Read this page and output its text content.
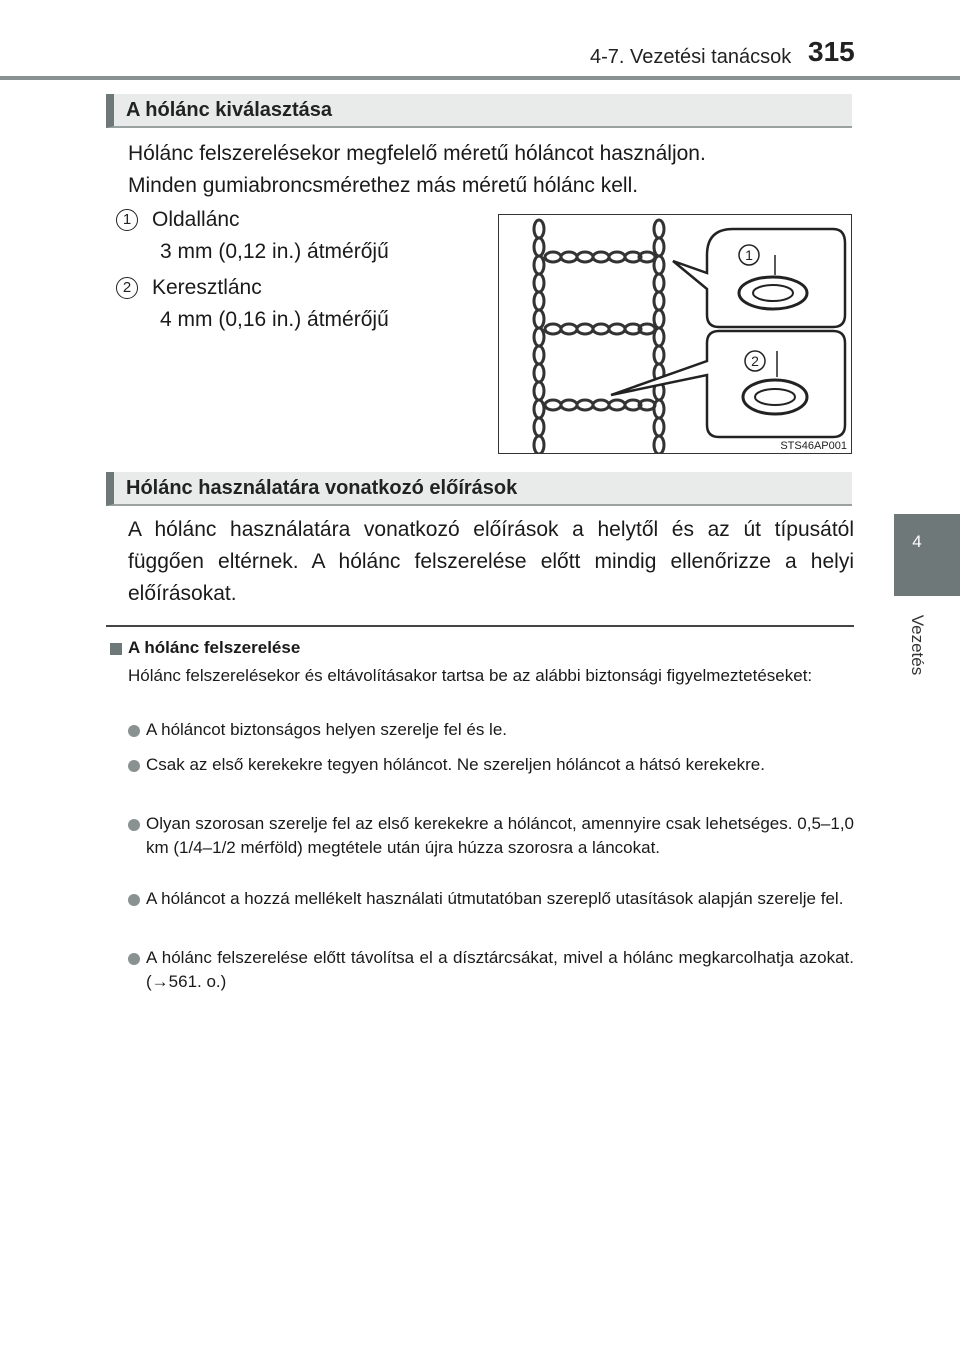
4-7. Vezetési tanácsok 315
4
Vezetés
A hólánc kiválasztása
Hólánc felszerelésekor megfelelő méretű hóláncot használjon.
Minden gumiabroncsmérethez más méretű hólánc kell.
1 Oldallánc
3 mm (0,12 in.) átmérőjű
2 Keresztlánc
4 mm (0,16 in.) átmérőjű
1
2
STS46AP001
Hólánc használatára vonatkozó előírások
A hólánc használatára vonatkozó előírások a helytől és az út típusától függően eltérnek. A hólánc felszerelése előtt mindig ellenőrizze a helyi előírásokat.
A hólánc felszerelése
Hólánc felszerelésekor és eltávolításakor tartsa be az alábbi biztonsági figyelmeztetéseket:
A hóláncot biztonságos helyen szerelje fel és le.
Csak az első kerekekre tegyen hóláncot. Ne szereljen hóláncot a hátsó kerekekre.
Olyan szorosan szerelje fel az első kerekekre a hóláncot, amennyire csak lehetséges. 0,5–1,0 km (1/4–1/2 mérföld) megtétele után újra húzza szorosra a láncokat.
A hóláncot a hozzá mellékelt használati útmutatóban szereplő utasítások alapján szerelje fel.
A hólánc felszerelése előtt távolítsa el a dísztárcsákat, mivel a hólánc megkarcolhatja azokat. (→561. o.)
